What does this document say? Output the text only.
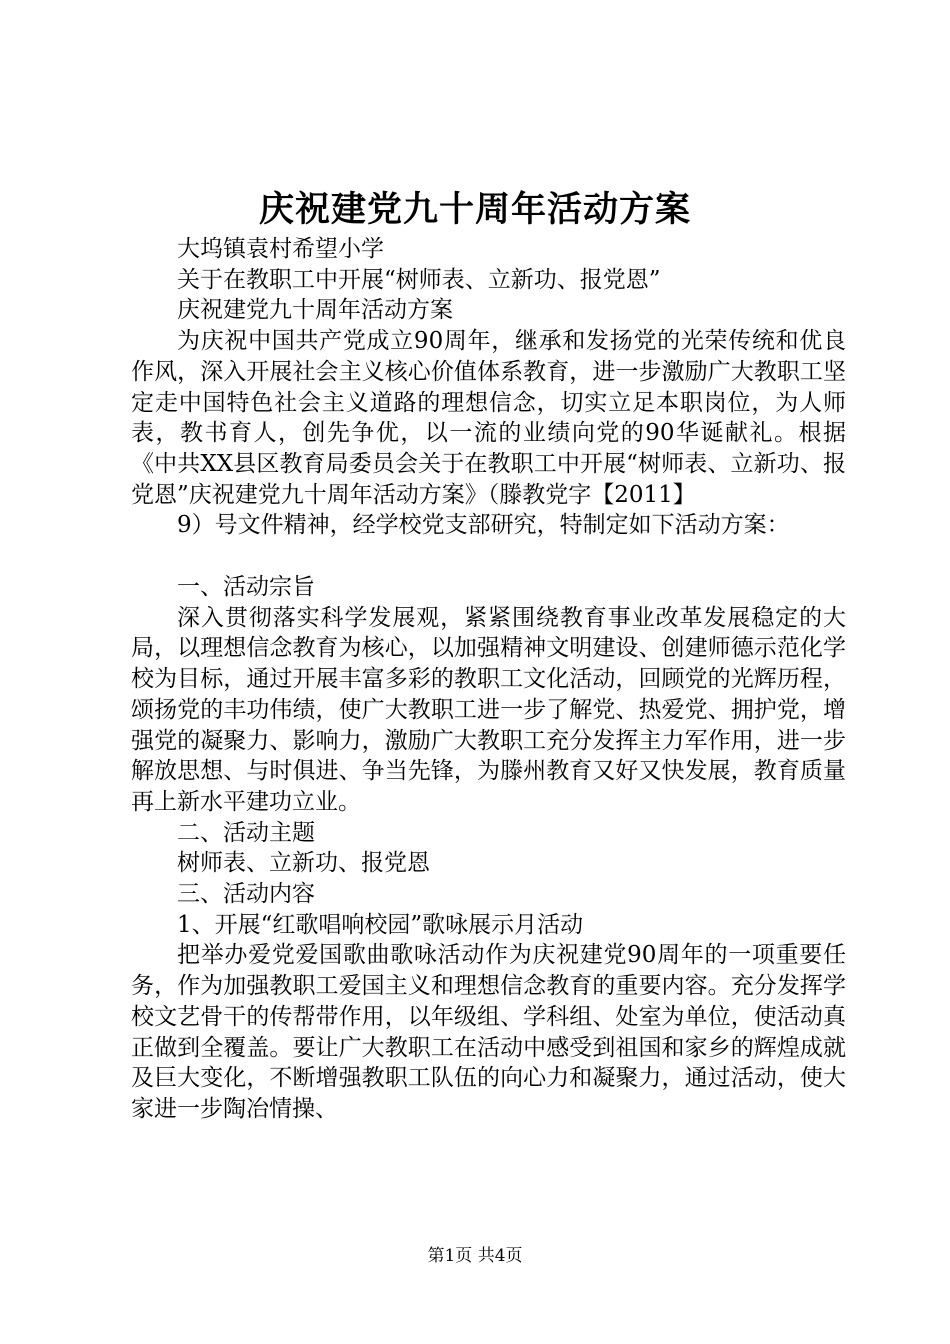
庆祝建党九十周年活动方案

大坞镇袁村希望小学

关于在教职工中开展“树师表、立新功、报党恩”

庆祝建党九十周年活动方案

为庆祝中国共产党成立90周年，继承和发扬党的光荣传统和优良作风，深入开展社会主义核心价值体系教育，进一步激励广大教职工坚定走中国特色社会主义道路的理想信念，切实立足本职岗位，为人师表，教书育人，创先争优，以一流的业绩向党的90华诞献礼。根据《中共XX县区教育局委员会关于在教职工中开展“树师表、立新功、报党恩”庆祝建党九十周年活动方案》（滕教党字【2011】

9）号文件精神，经学校党支部研究，特制定如下活动方案：

一、活动宗旨

深入贯彻落实科学发展观，紧紧围绕教育事业改革发展稳定的大局，以理想信念教育为核心，以加强精神文明建设、创建师德示范化学校为目标，通过开展丰富多彩的教职工文化活动，回顾党的光辉历程，颂扬党的丰功伟绩，使广大教职工进一步了解党、热爱党、拥护党，增强党的凝聚力、影响力，激励广大教职工充分发挥主力军作用，进一步解放思想、与时俱进、争当先锋，为滕州教育又好又快发展，教育质量再上新水平建功立业。

二、活动主题

树师表、立新功、报党恩

三、活动内容

1、开展“红歌唱响校园”歌咏展示月活动

把举办爱党爱国歌曲歌咏活动作为庆祝建党90周年的一项重要任务，作为加强教职工爱国主义和理想信念教育的重要内容。充分发挥学校文艺骨干的传帮带作用，以年级组、学科组、处室为单位，使活动真正做到全覆盖。要让广大教职工在活动中感受到祖国和家乡的辉煌成就及巨大变化，不断增强教职工队伍的向心力和凝聚力，通过活动，使大家进一步陶冶情操、

第1页 共4页
